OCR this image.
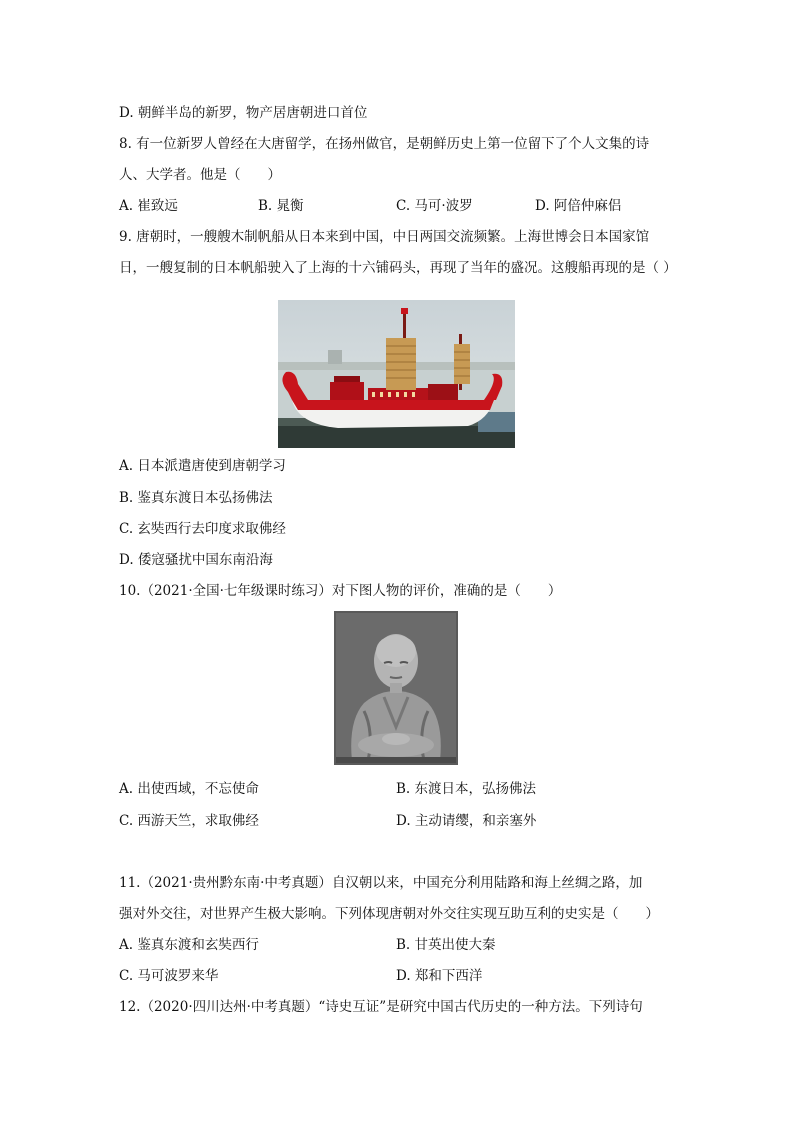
D. 朝鲜半岛的新罗，物产居唐朝进口首位
8. 有一位新罗人曾经在大唐留学，在扬州做官，是朝鲜历史上第一位留下了个人文集的诗
人、大学者。他是（　　）
A. 崔致远	B. 晁衡	C. 马可·波罗	D. 阿倍仲麻侣
9. 唐朝时，一艘艘木制帆船从日本来到中国，中日两国交流频繁。上海世博会日本国家馆
日，一艘复制的日本帆船驶入了上海的十六铺码头，再现了当年的盛况。这艘船再现的是（ ）
A. 日本派遣唐使到唐朝学习
B. 鉴真东渡日本弘扬佛法
C. 玄奘西行去印度求取佛经
D. 倭寇骚扰中国东南沿海
10.（2021·全国·七年级课时练习）对下图人物的评价，准确的是（　　）
A. 出使西域，不忘使命	B. 东渡日本，弘扬佛法
C. 西游天竺，求取佛经	D. 主动请缨，和亲塞外
11.（2021·贵州黔东南·中考真题）自汉朝以来，中国充分利用陆路和海上丝绸之路，加
强对外交往，对世界产生极大影响。下列体现唐朝对外交往实现互助互利的史实是（　　）
A. 鉴真东渡和玄奘西行	B. 甘英出使大秦
C. 马可波罗来华	D. 郑和下西洋
12.（2020·四川达州·中考真题）“诗史互证”是研究中国古代历史的一种方法。下列诗句
